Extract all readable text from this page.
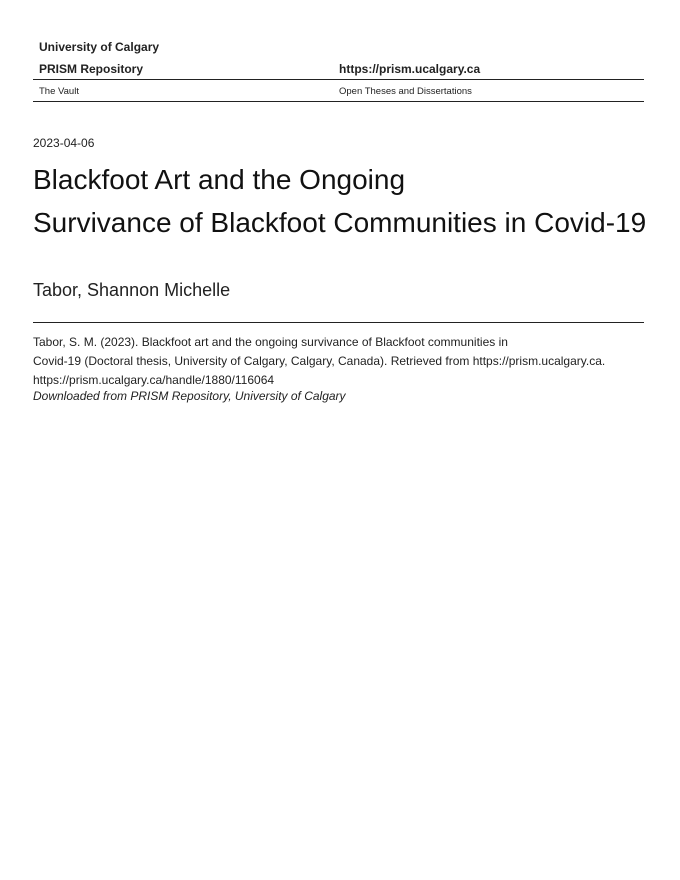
University of Calgary
PRISM Repository	https://prism.ucalgary.ca
The Vault	Open Theses and Dissertations
2023-04-06
Blackfoot Art and the Ongoing
Survivance of Blackfoot Communities in Covid-19
Tabor, Shannon Michelle

Tabor, S. M. (2023). Blackfoot art and the ongoing survivance of Blackfoot communities in

Covid-19 (Doctoral thesis, University of Calgary, Calgary, Canada). Retrieved from https://prism.ucalgary.ca.

https://prism.ucalgary.ca/handle/1880/116064

Downloaded from PRISM Repository, University of Calgary
